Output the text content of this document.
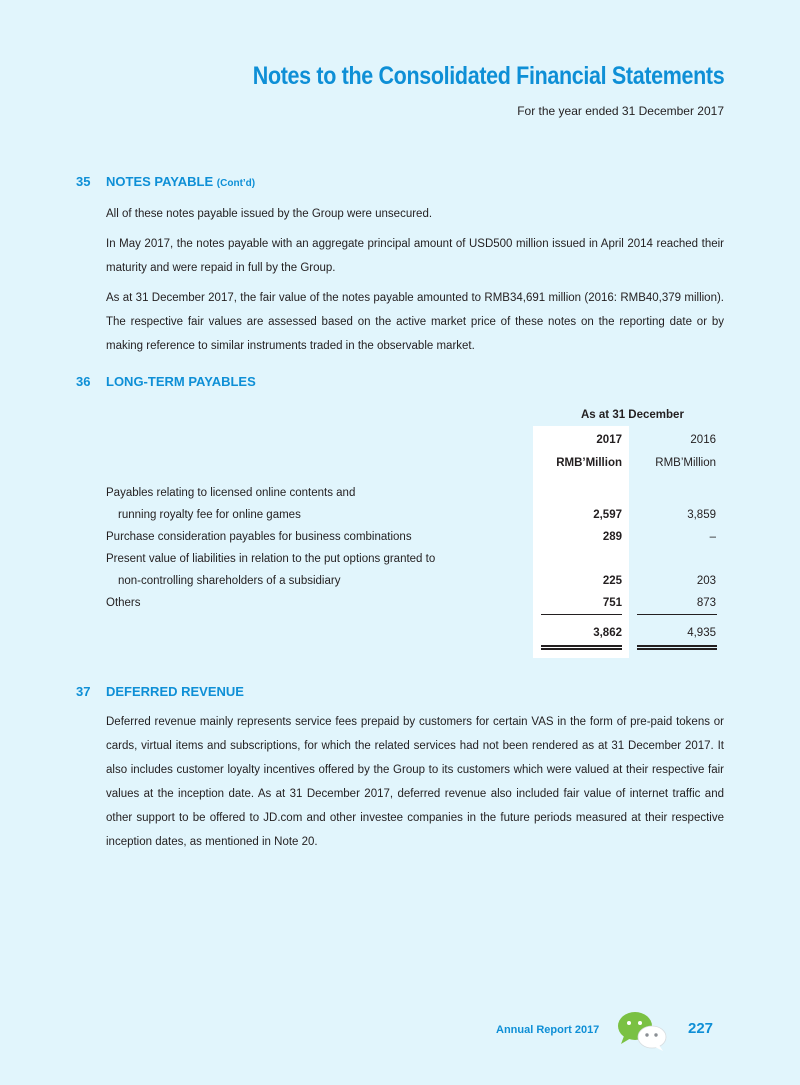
Notes to the Consolidated Financial Statements
For the year ended 31 December 2017
35 NOTES PAYABLE (Cont’d)
All of these notes payable issued by the Group were unsecured.
In May 2017, the notes payable with an aggregate principal amount of USD500 million issued in April 2014 reached their maturity and were repaid in full by the Group.
As at 31 December 2017, the fair value of the notes payable amounted to RMB34,691 million (2016: RMB40,379 million). The respective fair values are assessed based on the active market price of these notes on the reporting date or by making reference to similar instruments traded in the observable market.
36 LONG-TERM PAYABLES
As at 31 December
2017	2016
RMB’Million	RMB’Million
Payables relating to licensed online contents and
running royalty fee for online games	2,597	3,859
Purchase consideration payables for business combinations	289	–
Present value of liabilities in relation to the put options granted to
non-controlling shareholders of a subsidiary	225	203
Others	751	873
3,862	4,935
37 DEFERRED REVENUE
Deferred revenue mainly represents service fees prepaid by customers for certain VAS in the form of pre-paid tokens or cards, virtual items and subscriptions, for which the related services had not been rendered as at 31 December 2017. It also includes customer loyalty incentives offered by the Group to its customers which were valued at their respective fair values at the inception date. As at 31 December 2017, deferred revenue also included fair value of internet traffic and other support to be offered to JD.com and other investee companies in the future periods measured at their respective inception dates, as mentioned in Note 20.
Annual Report 2017	227
